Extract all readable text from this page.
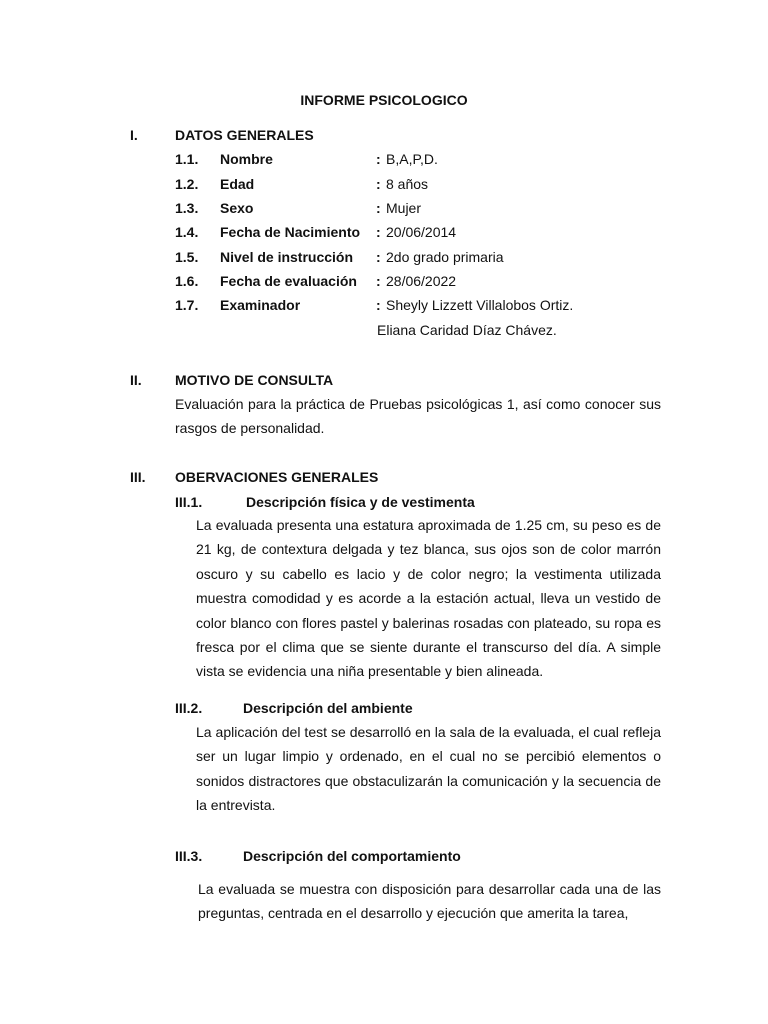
INFORME PSICOLOGICO
I.	DATOS GENERALES
1.1. Nombre	: B,A,P,D.
1.2. Edad	: 8 años
1.3. Sexo	: Mujer
1.4. Fecha de Nacimiento : 20/06/2014
1.5. Nivel de instrucción : 2do grado primaria
1.6. Fecha de evaluación : 28/06/2022
1.7. Examinador	: Sheyly Lizzett Villalobos Ortiz.
Eliana Caridad Díaz Chávez.
II. MOTIVO DE CONSULTA
Evaluación para la práctica de Pruebas psicológicas 1, así como conocer sus rasgos de personalidad.
III. OBERVACIONES GENERALES
III.1.	Descripción física y de vestimenta
La evaluada presenta una estatura aproximada de 1.25 cm, su peso es de 21 kg, de contextura delgada y tez blanca, sus ojos son de color marrón oscuro y su cabello es lacio y de color negro; la vestimenta utilizada muestra comodidad y es acorde a la estación actual, lleva un vestido de color blanco con flores pastel y balerinas rosadas con plateado, su ropa es fresca por el clima que se siente durante el transcurso del día. A simple vista se evidencia una niña presentable y bien alineada.
III.2.	Descripción del ambiente
La aplicación del test se desarrolló en la sala de la evaluada, el cual refleja ser un lugar limpio y ordenado, en el cual no se percibió elementos o sonidos distractores que obstaculizarán la comunicación y la secuencia de la entrevista.
III.3.	Descripción del comportamiento
La evaluada se muestra con disposición para desarrollar cada una de las preguntas, centrada en el desarrollo y ejecución que amerita la tarea,
